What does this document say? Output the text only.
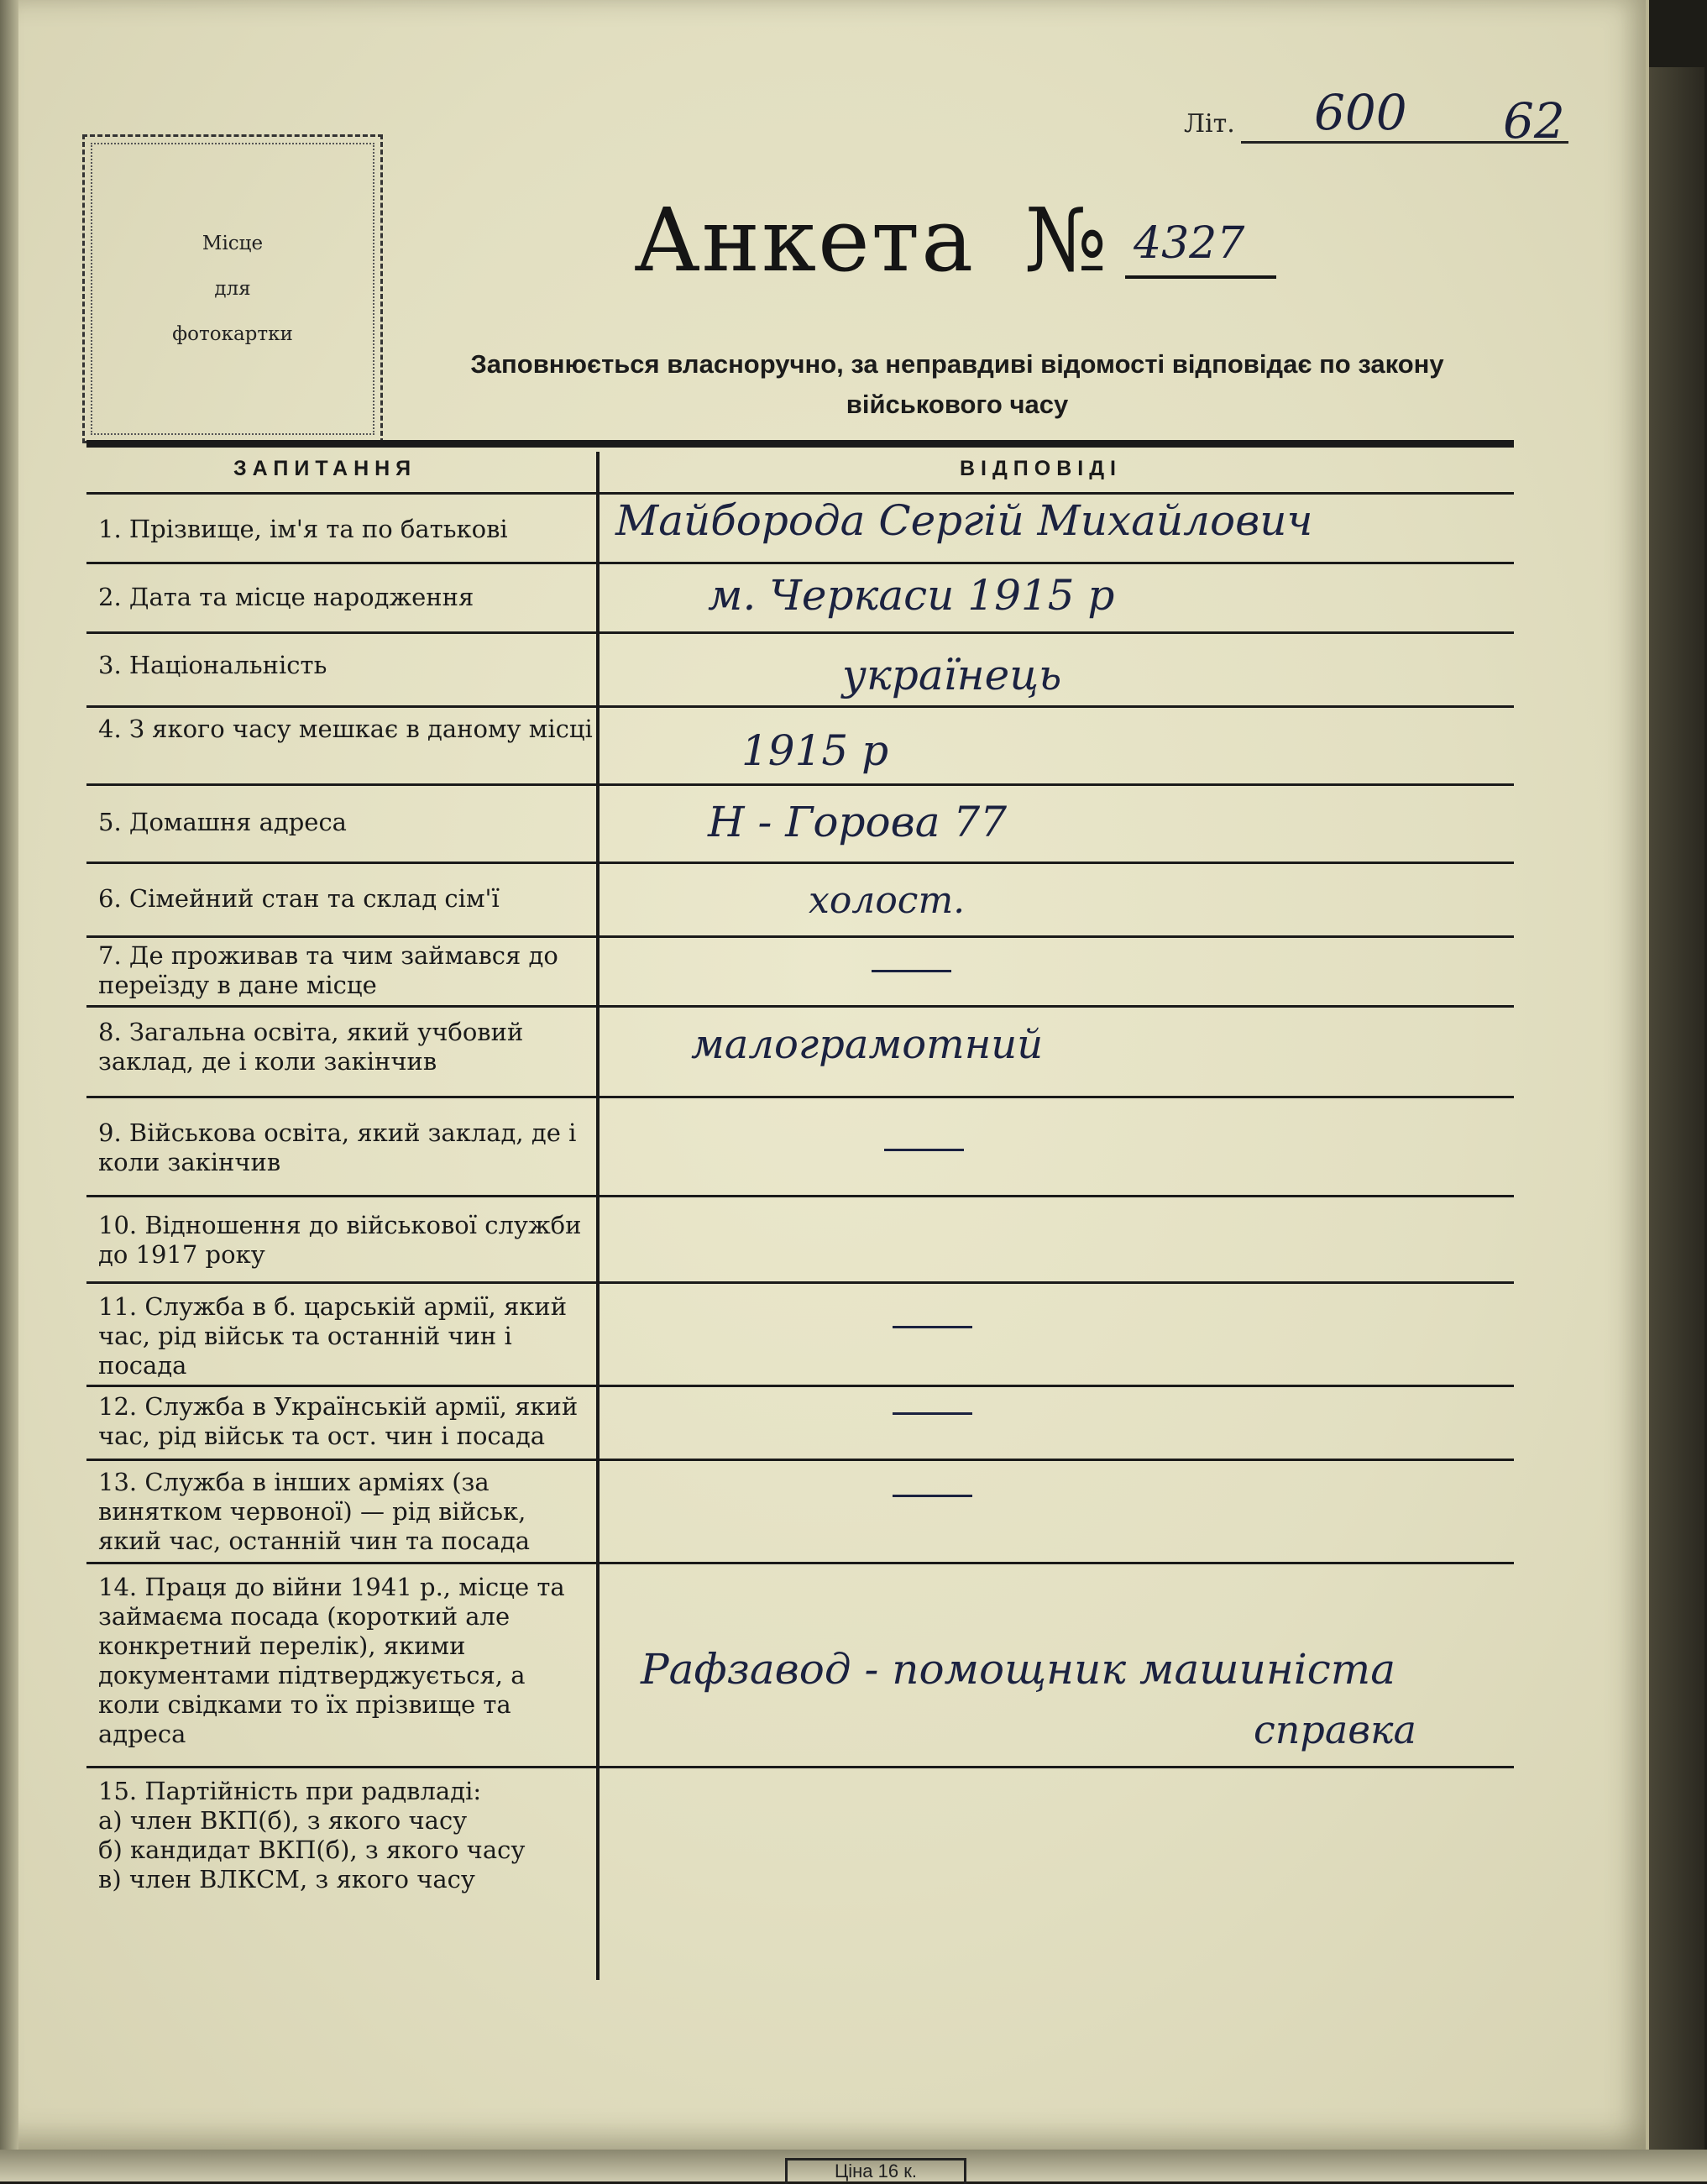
Місце
для
фотокартки
Літ. 600 62
Анкета № 4327
Заповнюється власноручно, за неправдиві відомості відповідає по закону
військового часу
ЗАПИТАННЯ	ВІДПОВІДІ
1. Прізвище, ім'я та по батькові	Майборода Сергій Михайлович
2. Дата та місце народження	м. Черкаси 1915 р
3. Національність	українець
4. З якого часу мешкає в даному місці	1915 р
5. Домашня адреса	Н - Горова 77
6. Сімейний стан та склад сім'ї	холост.
7. Де проживав та чим займався до переїзду в дане місце
8. Загальна освіта, який учбовий заклад, де і коли закінчив	малограмотний
9. Військова освіта, який заклад, де і коли закінчив
10. Відношення до військової служби до 1917 року
11. Служба в б. царській армії, який час, рід військ та останній чин і посада
12. Служба в Українській армії, який час, рід військ та ост. чин і посада
13. Служба в інших арміях (за винятком червоної) — рід військ, який час, останній чин та посада
14. Праця до війни 1941 р., місце та займаєма посада (короткий але конкретний перелік), якими документами підтверджується, а коли свідками то їх прізвище та адреса
Рафзавод - помощник машиніста
справка
15. Партійність при радвладі:
а) член ВКП(б), з якого часу
б) кандидат ВКП(б), з якого часу
в) член ВЛКСМ, з якого часу
Ціна 16 к.
